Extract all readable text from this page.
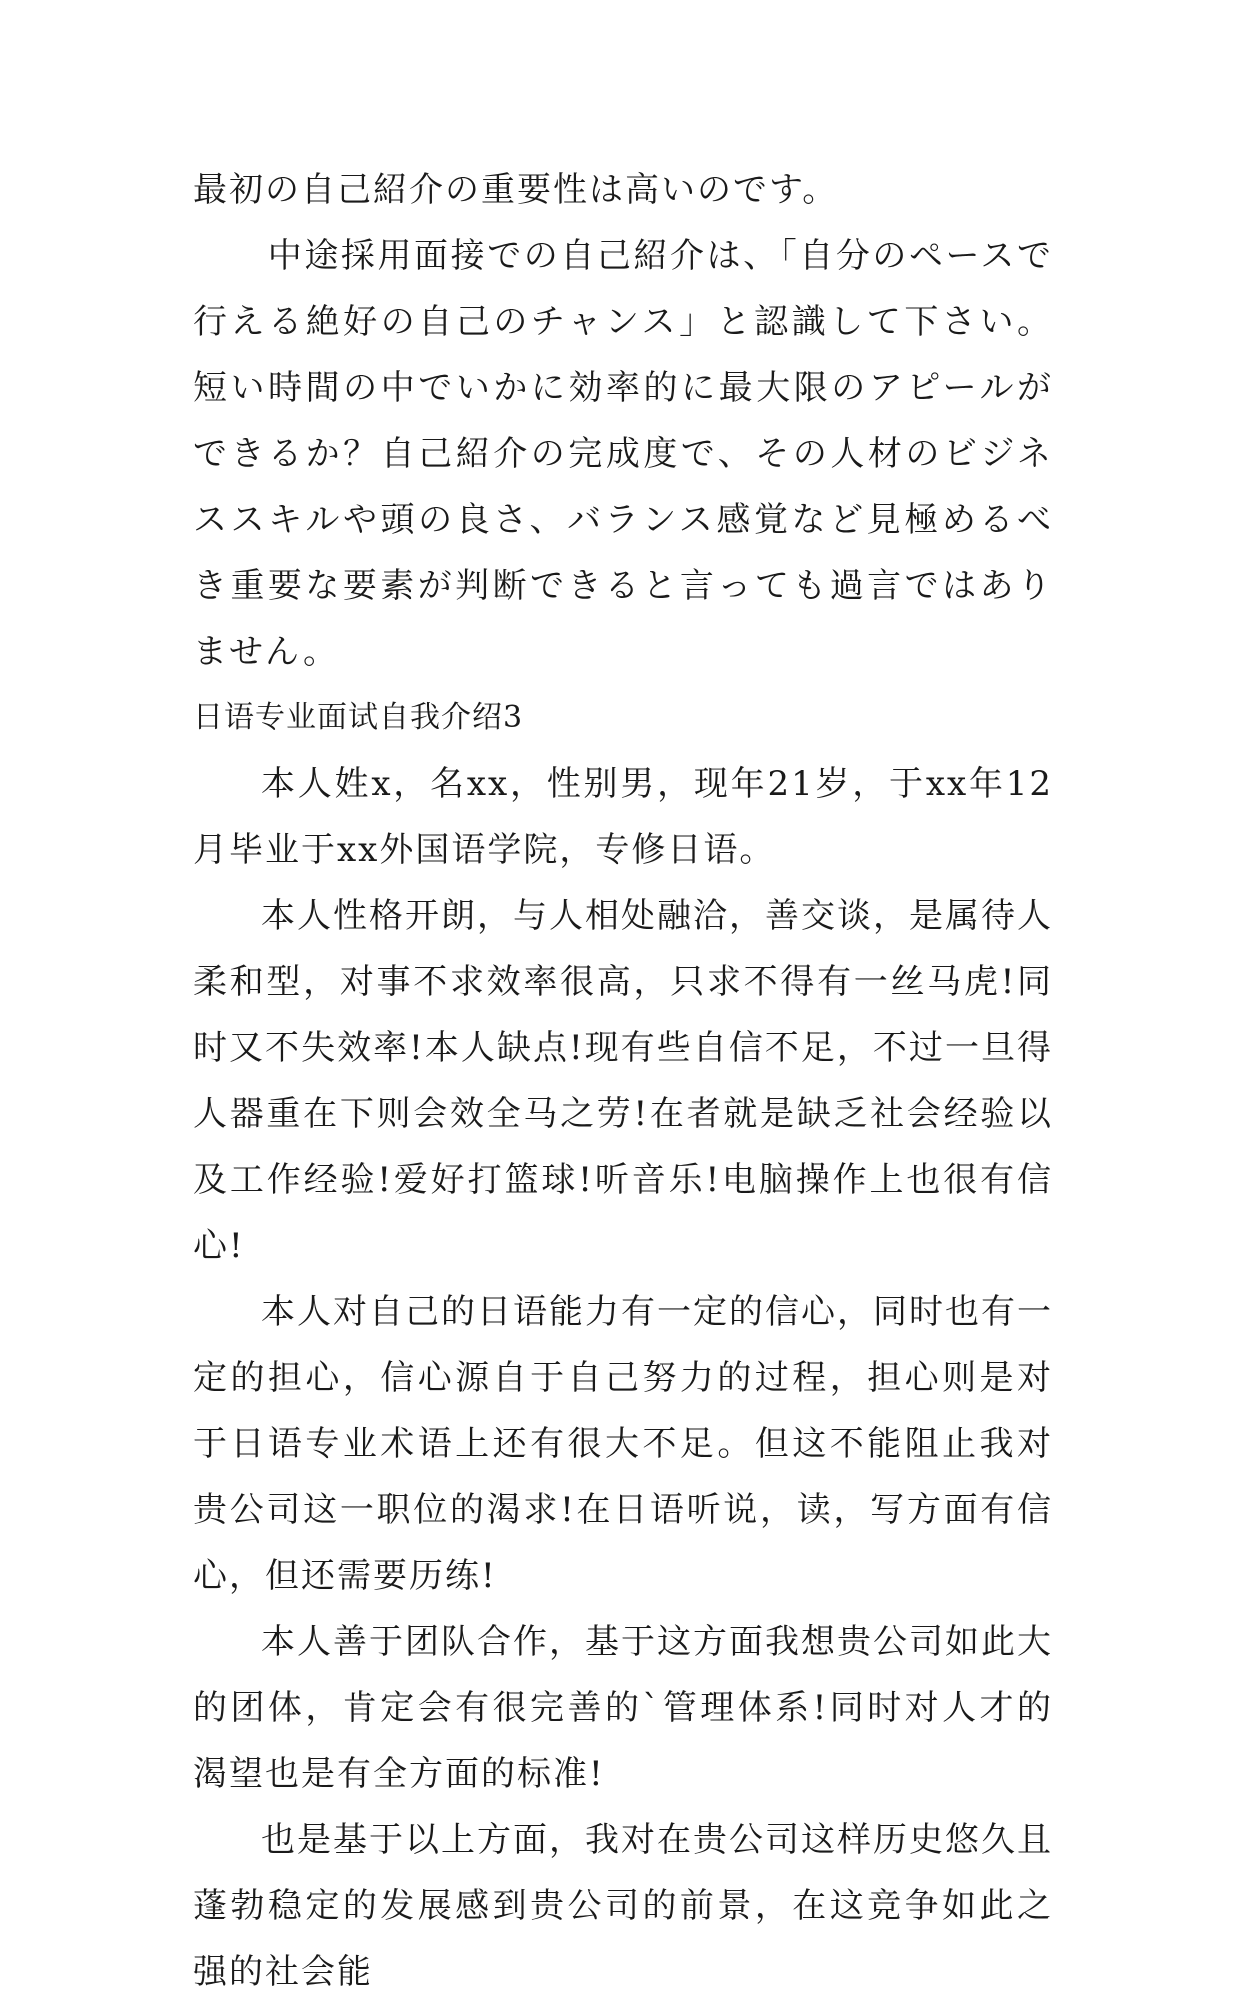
最初の自己紹介の重要性は高いのです。

中途採用面接での自己紹介は、「自分のペースで行える絶好の自己のチャンス」と認識して下さい。短い時間の中でいかに効率的に最大限のアピールができるか？自己紹介の完成度で、その人材のビジネススキルや頭の良さ、バランス感覚など見極めるべき重要な要素が判断できると言っても過言ではありません。

日语专业面试自我介绍3

本人姓x，名xx，性别男，现年21岁，于xx年12月毕业于xx外国语学院，专修日语。

本人性格开朗，与人相处融洽，善交谈，是属待人柔和型，对事不求效率很高，只求不得有一丝马虎!同时又不失效率!本人缺点!现有些自信不足，不过一旦得人器重在下则会效全马之劳!在者就是缺乏社会经验以及工作经验!爱好打篮球!听音乐!电脑操作上也很有信心!

本人对自己的日语能力有一定的信心，同时也有一定的担心，信心源自于自己努力的过程，担心则是对于日语专业术语上还有很大不足。但这不能阻止我对贵公司这一职位的渴求!在日语听说，读，写方面有信心，但还需要历练!

本人善于团队合作，基于这方面我想贵公司如此大的团体，肯定会有很完善的`管理体系!同时对人才的渴望也是有全方面的标准!

也是基于以上方面，我对在贵公司这样历史悠久且蓬勃稳定的发展感到贵公司的前景，在这竞争如此之强的社会能
